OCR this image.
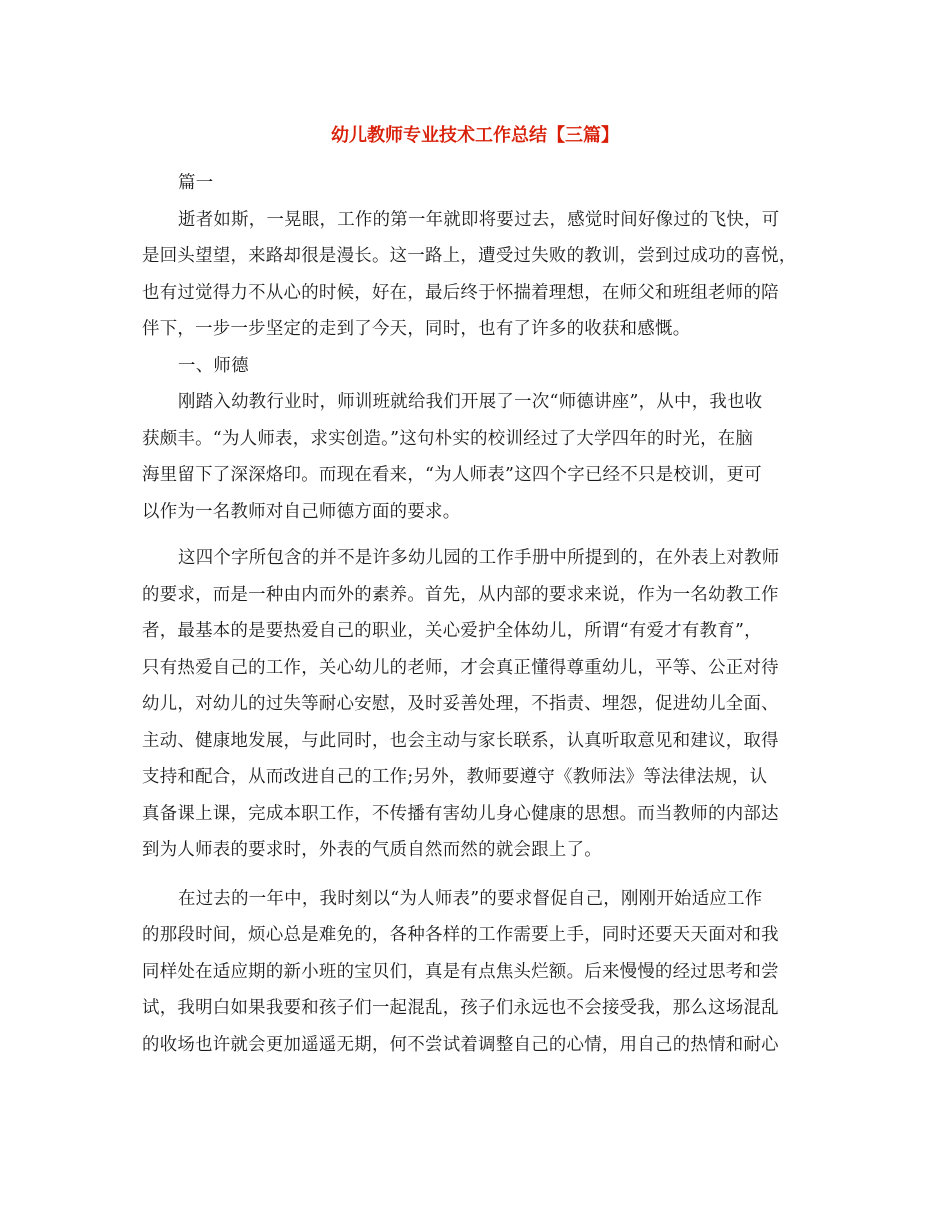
幼儿教师专业技术工作总结【三篇】
篇一
逝者如斯，一晃眼，工作的第一年就即将要过去，感觉时间好像过的飞快，可
是回头望望，来路却很是漫长。这一路上，遭受过失败的教训，尝到过成功的喜悦，
也有过觉得力不从心的时候，好在，最后终于怀揣着理想，在师父和班组老师的陪
伴下，一步一步坚定的走到了今天，同时，也有了许多的收获和感慨。
一、师德
刚踏入幼教行业时，师训班就给我们开展了一次“师德讲座”，从中，我也收
获颇丰。“为人师表，求实创造。”这句朴实的校训经过了大学四年的时光，在脑
海里留下了深深烙印。而现在看来，“为人师表”这四个字已经不只是校训，更可
以作为一名教师对自己师德方面的要求。
这四个字所包含的并不是许多幼儿园的工作手册中所提到的，在外表上对教师
的要求，而是一种由内而外的素养。首先，从内部的要求来说，作为一名幼教工作
者，最基本的是要热爱自己的职业，关心爱护全体幼儿，所谓“有爱才有教育”，
只有热爱自己的工作，关心幼儿的老师，才会真正懂得尊重幼儿，平等、公正对待
幼儿，对幼儿的过失等耐心安慰，及时妥善处理，不指责、埋怨，促进幼儿全面、
主动、健康地发展，与此同时，也会主动与家长联系，认真听取意见和建议，取得
支持和配合，从而改进自己的工作;另外，教师要遵守《教师法》等法律法规，认
真备课上课，完成本职工作，不传播有害幼儿身心健康的思想。而当教师的内部达
到为人师表的要求时，外表的气质自然而然的就会跟上了。
在过去的一年中，我时刻以“为人师表”的要求督促自己，刚刚开始适应工作
的那段时间，烦心总是难免的，各种各样的工作需要上手，同时还要天天面对和我
同样处在适应期的新小班的宝贝们，真是有点焦头烂额。后来慢慢的经过思考和尝
试，我明白如果我要和孩子们一起混乱，孩子们永远也不会接受我，那么这场混乱
的收场也许就会更加遥遥无期，何不尝试着调整自己的心情，用自己的热情和耐心
